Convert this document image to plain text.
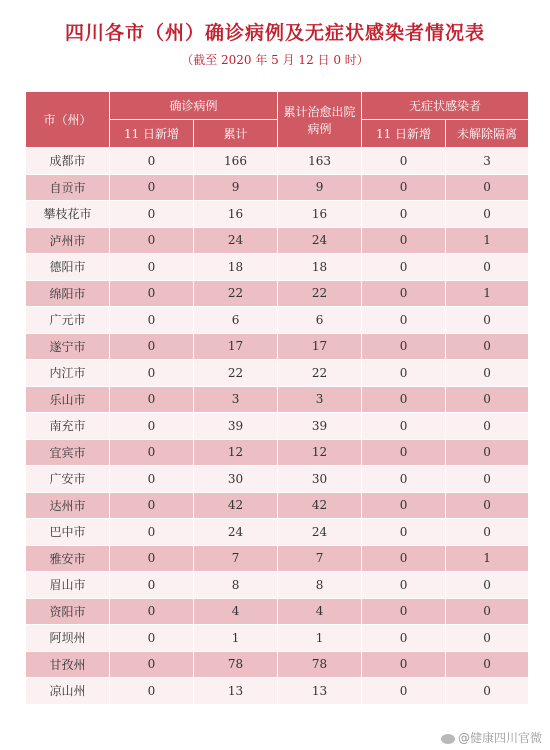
四川各市（州）确诊病例及无症状感染者情况表
（截至 2020 年 5 月 12 日 0 时）
市（州）	确诊病例		累计治愈出院病例	无症状感染者	
	11 日新增	累计		11 日新增	未解除隔离
成都市	0	166	163	0	3
自贡市	0	9	9	0	0
攀枝花市	0	16	16	0	0
泸州市	0	24	24	0	1
德阳市	0	18	18	0	0
绵阳市	0	22	22	0	1
广元市	0	6	6	0	0
遂宁市	0	17	17	0	0
内江市	0	22	22	0	0
乐山市	0	3	3	0	0
南充市	0	39	39	0	0
宜宾市	0	12	12	0	0
广安市	0	30	30	0	0
达州市	0	42	42	0	0
巴中市	0	24	24	0	0
雅安市	0	7	7	0	1
眉山市	0	8	8	0	0
资阳市	0	4	4	0	0
阿坝州	0	1	1	0	0
甘孜州	0	78	78	0	0
凉山州	0	13	13	0	0
@健康四川官微
